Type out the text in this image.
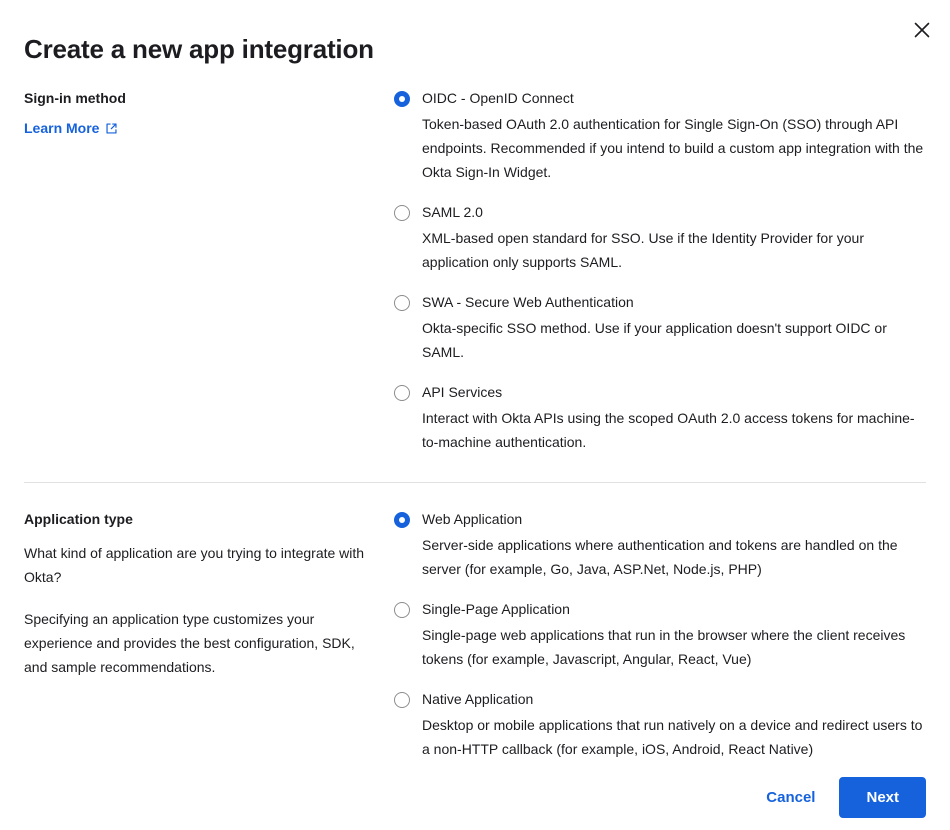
Create a new app integration
Sign-in method
Learn More
OIDC - OpenID Connect
Token-based OAuth 2.0 authentication for Single Sign-On (SSO) through API endpoints. Recommended if you intend to build a custom app integration with the Okta Sign-In Widget.
SAML 2.0
XML-based open standard for SSO. Use if the Identity Provider for your application only supports SAML.
SWA - Secure Web Authentication
Okta-specific SSO method. Use if your application doesn't support OIDC or SAML.
API Services
Interact with Okta APIs using the scoped OAuth 2.0 access tokens for machine-to-machine authentication.
Application type

What kind of application are you trying to integrate with Okta?

Specifying an application type customizes your experience and provides the best configuration, SDK, and sample recommendations.

Web Application
Server-side applications where authentication and tokens are handled on the server (for example, Go, Java, ASP.Net, Node.js, PHP)
Single-Page Application
Single-page web applications that run in the browser where the client receives tokens (for example, Javascript, Angular, React, Vue)
Native Application
Desktop or mobile applications that run natively on a device and redirect users to a non-HTTP callback (for example, iOS, Android, React Native)
Cancel	Next
